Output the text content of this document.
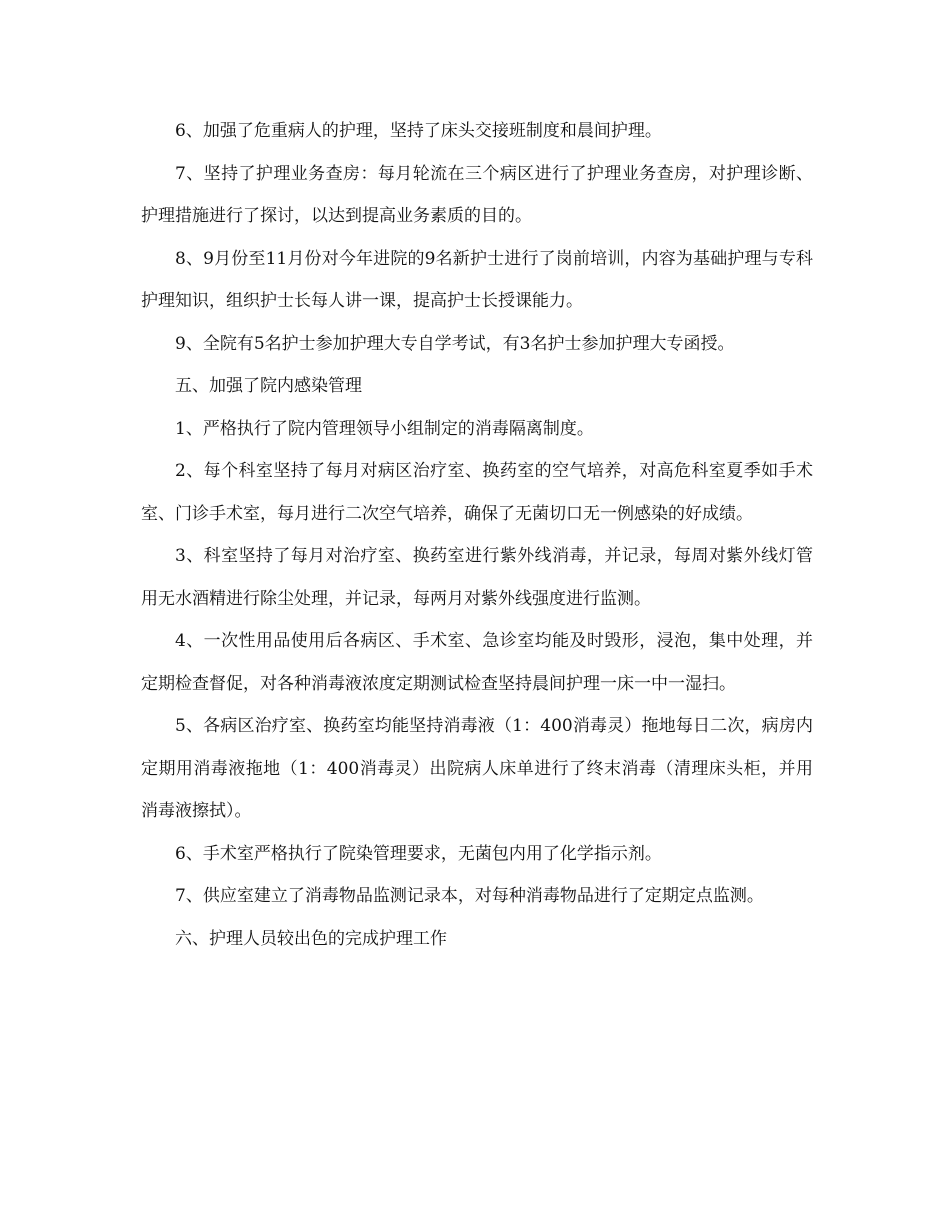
6、加强了危重病人的护理，坚持了床头交接班制度和晨间护理。

7、坚持了护理业务查房：每月轮流在三个病区进行了护理业务查房，对护理诊断、护理措施进行了探讨，以达到提高业务素质的目的。

8、9月份至11月份对今年进院的9名新护士进行了岗前培训，内容为基础护理与专科护理知识，组织护士长每人讲一课，提高护士长授课能力。

9、全院有5名护士参加护理大专自学考试，有3名护士参加护理大专函授。

五、加强了院内感染管理

1、严格执行了院内管理领导小组制定的消毒隔离制度。

2、每个科室坚持了每月对病区治疗室、换药室的空气培养，对高危科室夏季如手术室、门诊手术室，每月进行二次空气培养，确保了无菌切口无一例感染的好成绩。

3、科室坚持了每月对治疗室、换药室进行紫外线消毒，并记录，每周对紫外线灯管用无水酒精进行除尘处理，并记录，每两月对紫外线强度进行监测。

4、一次性用品使用后各病区、手术室、急诊室均能及时毁形，浸泡，集中处理，并定期检查督促，对各种消毒液浓度定期测试检查坚持晨间护理一床一中一湿扫。

5、各病区治疗室、换药室均能坚持消毒液（1：400消毒灵）拖地每日二次，病房内定期用消毒液拖地（1：400消毒灵）出院病人床单进行了终末消毒（清理床头柜，并用消毒液擦拭）。

6、手术室严格执行了院染管理要求，无菌包内用了化学指示剂。

7、供应室建立了消毒物品监测记录本，对每种消毒物品进行了定期定点监测。

六、护理人员较出色的完成护理工作
